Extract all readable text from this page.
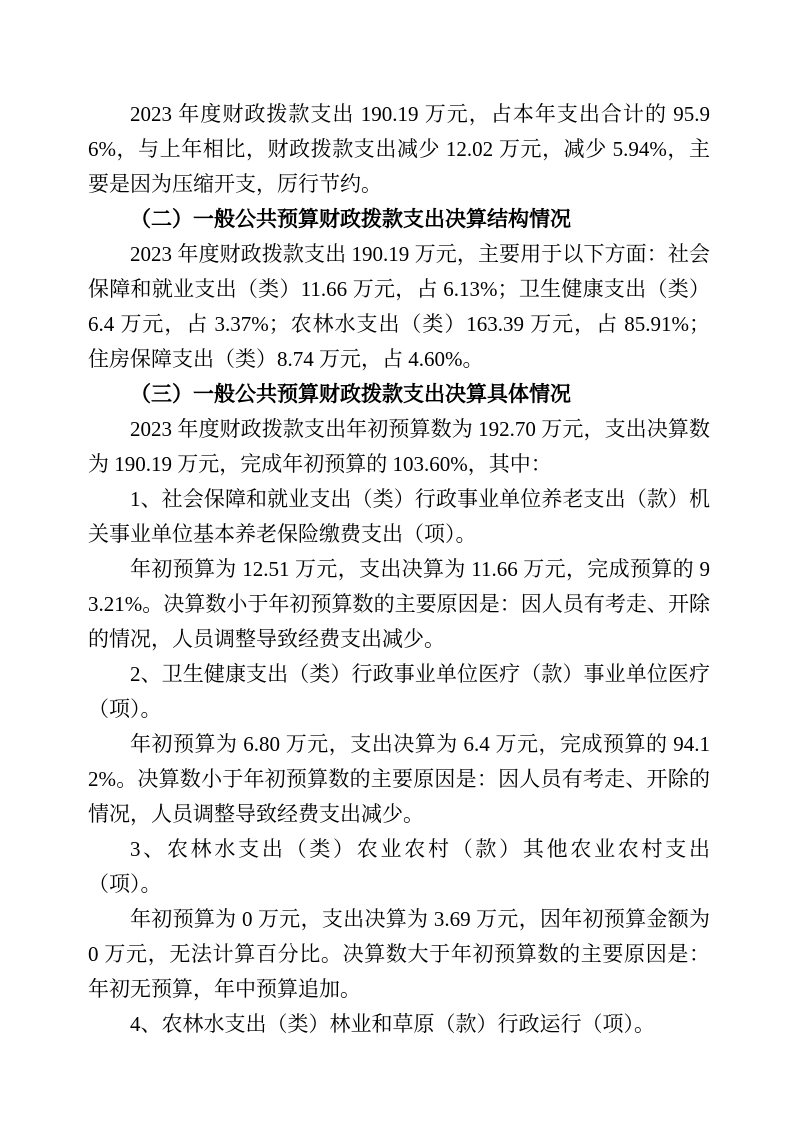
2023 年度财政拨款支出 190.19 万元，占本年支出合计的 95.96%，与上年相比，财政拨款支出减少 12.02 万元，减少 5.94%，主要是因为压缩开支，厉行节约。

（二）一般公共预算财政拨款支出决算结构情况

2023 年度财政拨款支出 190.19 万元，主要用于以下方面：社会保障和就业支出（类）11.66 万元，占 6.13%；卫生健康支出（类）6.4 万元，占 3.37%；农林水支出（类）163.39 万元，占 85.91%；住房保障支出（类）8.74 万元，占 4.60%。

（三）一般公共预算财政拨款支出决算具体情况

2023 年度财政拨款支出年初预算数为 192.70 万元，支出决算数为 190.19 万元，完成年初预算的 103.60%，其中：

1、社会保障和就业支出（类）行政事业单位养老支出（款）机关事业单位基本养老保险缴费支出（项）。

年初预算为 12.51 万元，支出决算为 11.66 万元，完成预算的 93.21%。决算数小于年初预算数的主要原因是：因人员有考走、开除的情况，人员调整导致经费支出减少。

2、卫生健康支出（类）行政事业单位医疗（款）事业单位医疗（项）。

年初预算为 6.80 万元，支出决算为 6.4 万元，完成预算的 94.12%。决算数小于年初预算数的主要原因是：因人员有考走、开除的情况，人员调整导致经费支出减少。

3、农林水支出（类）农业农村（款）其他农业农村支出（项）。

年初预算为 0 万元，支出决算为 3.69 万元，因年初预算金额为 0 万元，无法计算百分比。决算数大于年初预算数的主要原因是：年初无预算，年中预算追加。

4、农林水支出（类）林业和草原（款）行政运行（项）。
